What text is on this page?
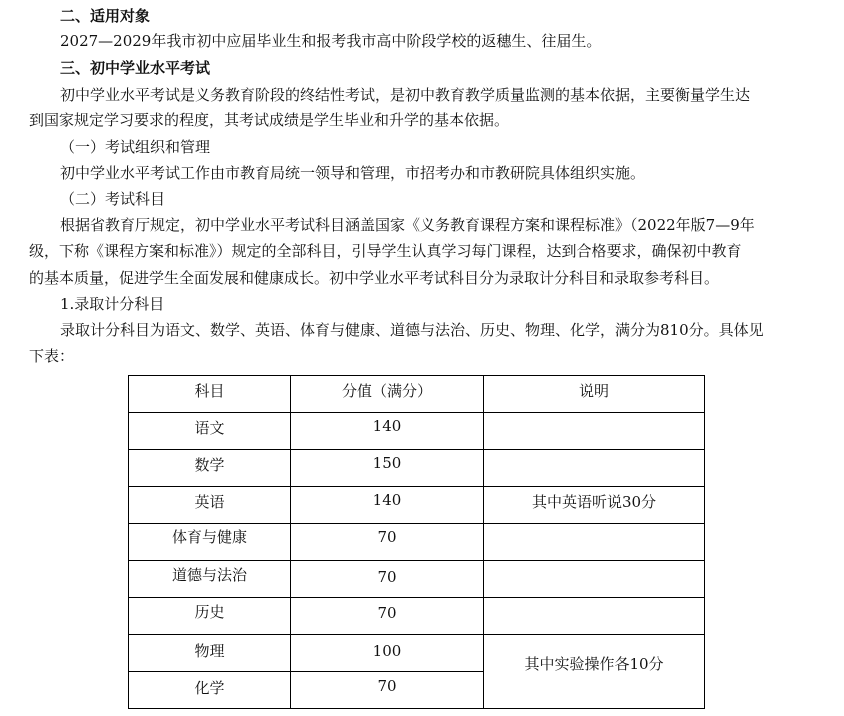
二、适用对象
2027—2029年我市初中应届毕业生和报考我市高中阶段学校的返穗生、往届生。
三、初中学业水平考试
初中学业水平考试是义务教育阶段的终结性考试，是初中教育教学质量监测的基本依据，主要衡量学生达
到国家规定学习要求的程度，其考试成绩是学生毕业和升学的基本依据。
（一）考试组织和管理
初中学业水平考试工作由市教育局统一领导和管理，市招考办和市教研院具体组织实施。
（二）考试科目
根据省教育厅规定，初中学业水平考试科目涵盖国家《义务教育课程方案和课程标准》（2022年版7—9年
级，下称《课程方案和标准》）规定的全部科目，引导学生认真学习每门课程，达到合格要求，确保初中教育
的基本质量，促进学生全面发展和健康成长。初中学业水平考试科目分为录取计分科目和录取参考科目。
1.录取计分科目
录取计分科目为语文、数学、英语、体育与健康、道德与法治、历史、物理、化学，满分为810分。具体见
下表：
科目	分值（满分）	说明

语文	140	

数学	150	

英语	140	其中英语听说30分

体育与健康	70	

道德与法治	70	

历史	70	

物理	100	其中实验操作各10分

化学	70	
